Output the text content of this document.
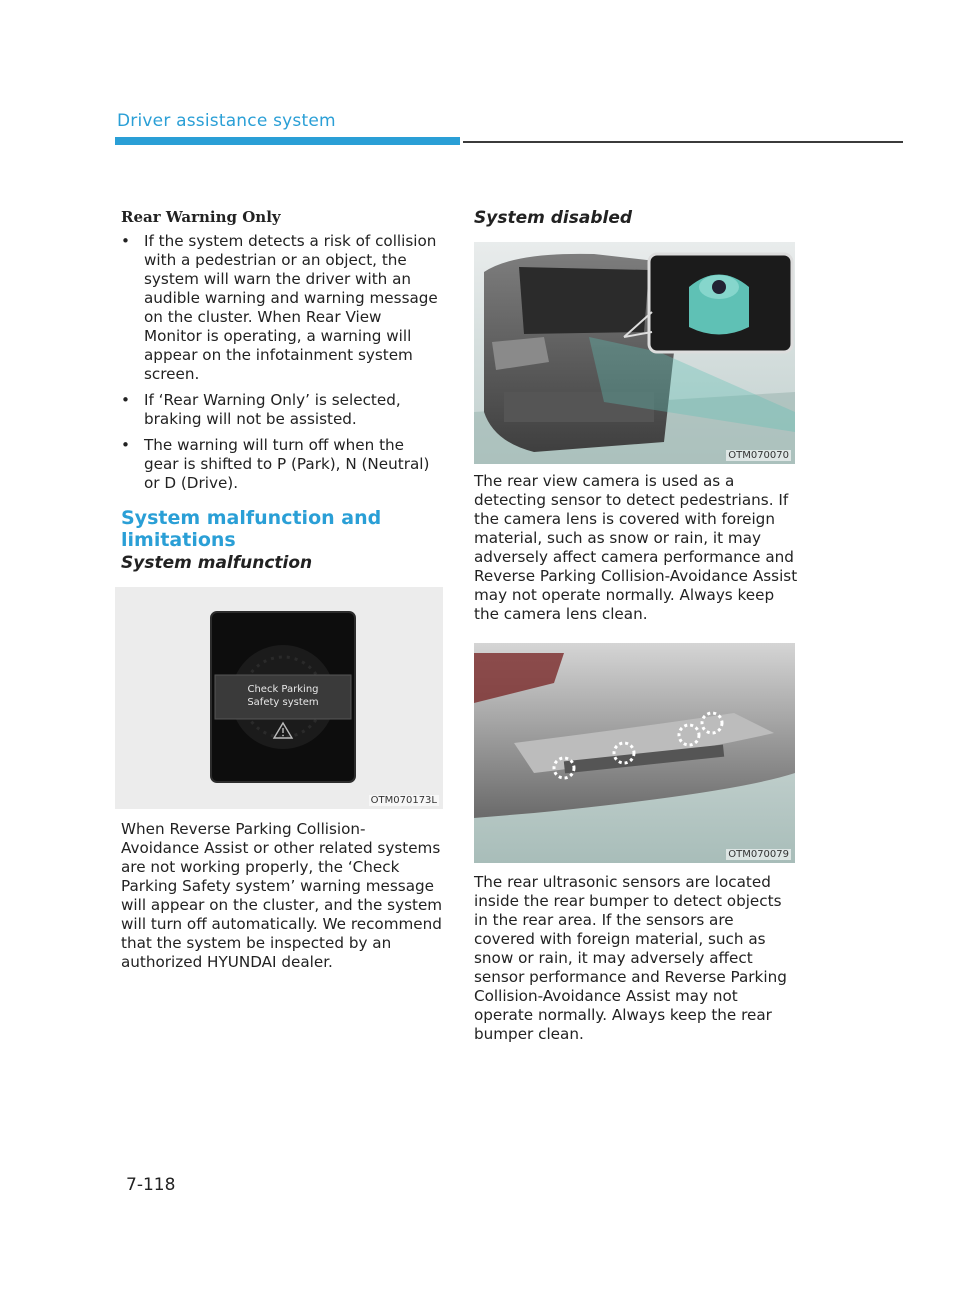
Driver assistance system
Rear Warning Only
• If the system detects a risk of collision with a pedestrian or an object, the system will warn the driver with an audible warning and warning message on the cluster. When Rear View Monitor is operating, a warning will appear on the infotainment system screen.
• If ‘Rear Warning Only’ is selected, braking will not be assisted.
• The warning will turn off when the gear is shifted to P (Park), N (Neutral) or D (Drive).
System malfunction and limitations
System malfunction
Check Parking
Safety system
OTM070173L

When Reverse Parking Collision-Avoidance Assist or other related systems are not working properly, the ‘Check Parking Safety system’ warning message will appear on the cluster, and the system will turn off automatically. We recommend that the system be inspected by an authorized HYUNDAI dealer.

System disabled
OTM070070

The rear view camera is used as a detecting sensor to detect pedestrians. If the camera lens is covered with foreign material, such as snow or rain, it may adversely affect camera performance and Reverse Parking Collision-Avoidance Assist may not operate normally. Always keep the camera lens clean.

OTM070079

The rear ultrasonic sensors are located inside the rear bumper to detect objects in the rear area. If the sensors are covered with foreign material, such as snow or rain, it may adversely affect sensor performance and Reverse Parking Collision-Avoidance Assist may not operate normally. Always keep the rear bumper clean.

7-118
